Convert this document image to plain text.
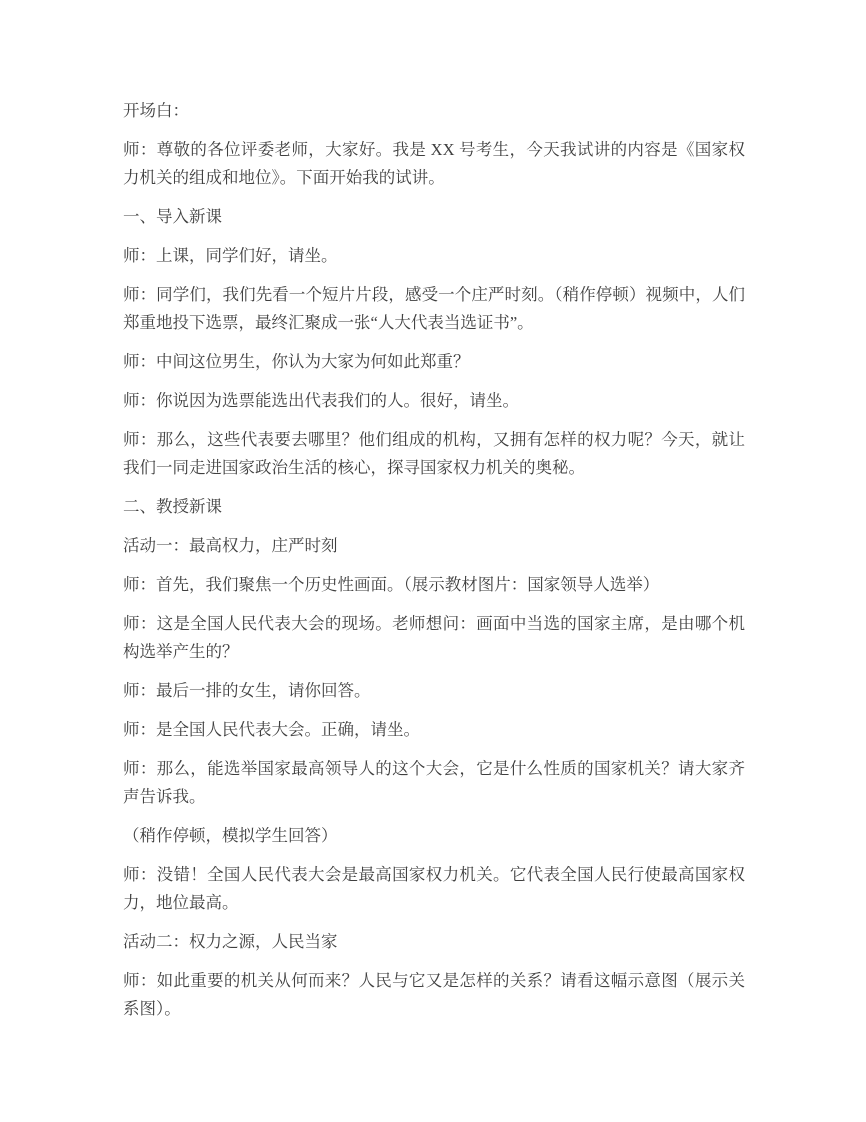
开场白：

师：尊敬的各位评委老师，大家好。我是 XX 号考生，今天我试讲的内容是《国家权力机关的组成和地位》。下面开始我的试讲。

一、导入新课

师：上课，同学们好，请坐。

师：同学们，我们先看一个短片片段，感受一个庄严时刻。（稍作停顿）视频中，人们郑重地投下选票，最终汇聚成一张“人大代表当选证书”。

师：中间这位男生，你认为大家为何如此郑重？

师：你说因为选票能选出代表我们的人。很好，请坐。

师：那么，这些代表要去哪里？他们组成的机构，又拥有怎样的权力呢？今天，就让我们一同走进国家政治生活的核心，探寻国家权力机关的奥秘。

二、教授新课

活动一：最高权力，庄严时刻

师：首先，我们聚焦一个历史性画面。（展示教材图片：国家领导人选举）

师：这是全国人民代表大会的现场。老师想问：画面中当选的国家主席，是由哪个机构选举产生的？

师：最后一排的女生，请你回答。

师：是全国人民代表大会。正确，请坐。

师：那么，能选举国家最高领导人的这个大会，它是什么性质的国家机关？请大家齐声告诉我。

（稍作停顿，模拟学生回答）

师：没错！全国人民代表大会是最高国家权力机关。它代表全国人民行使最高国家权力，地位最高。

活动二：权力之源，人民当家

师：如此重要的机关从何而来？人民与它又是怎样的关系？请看这幅示意图（展示关系图）。
